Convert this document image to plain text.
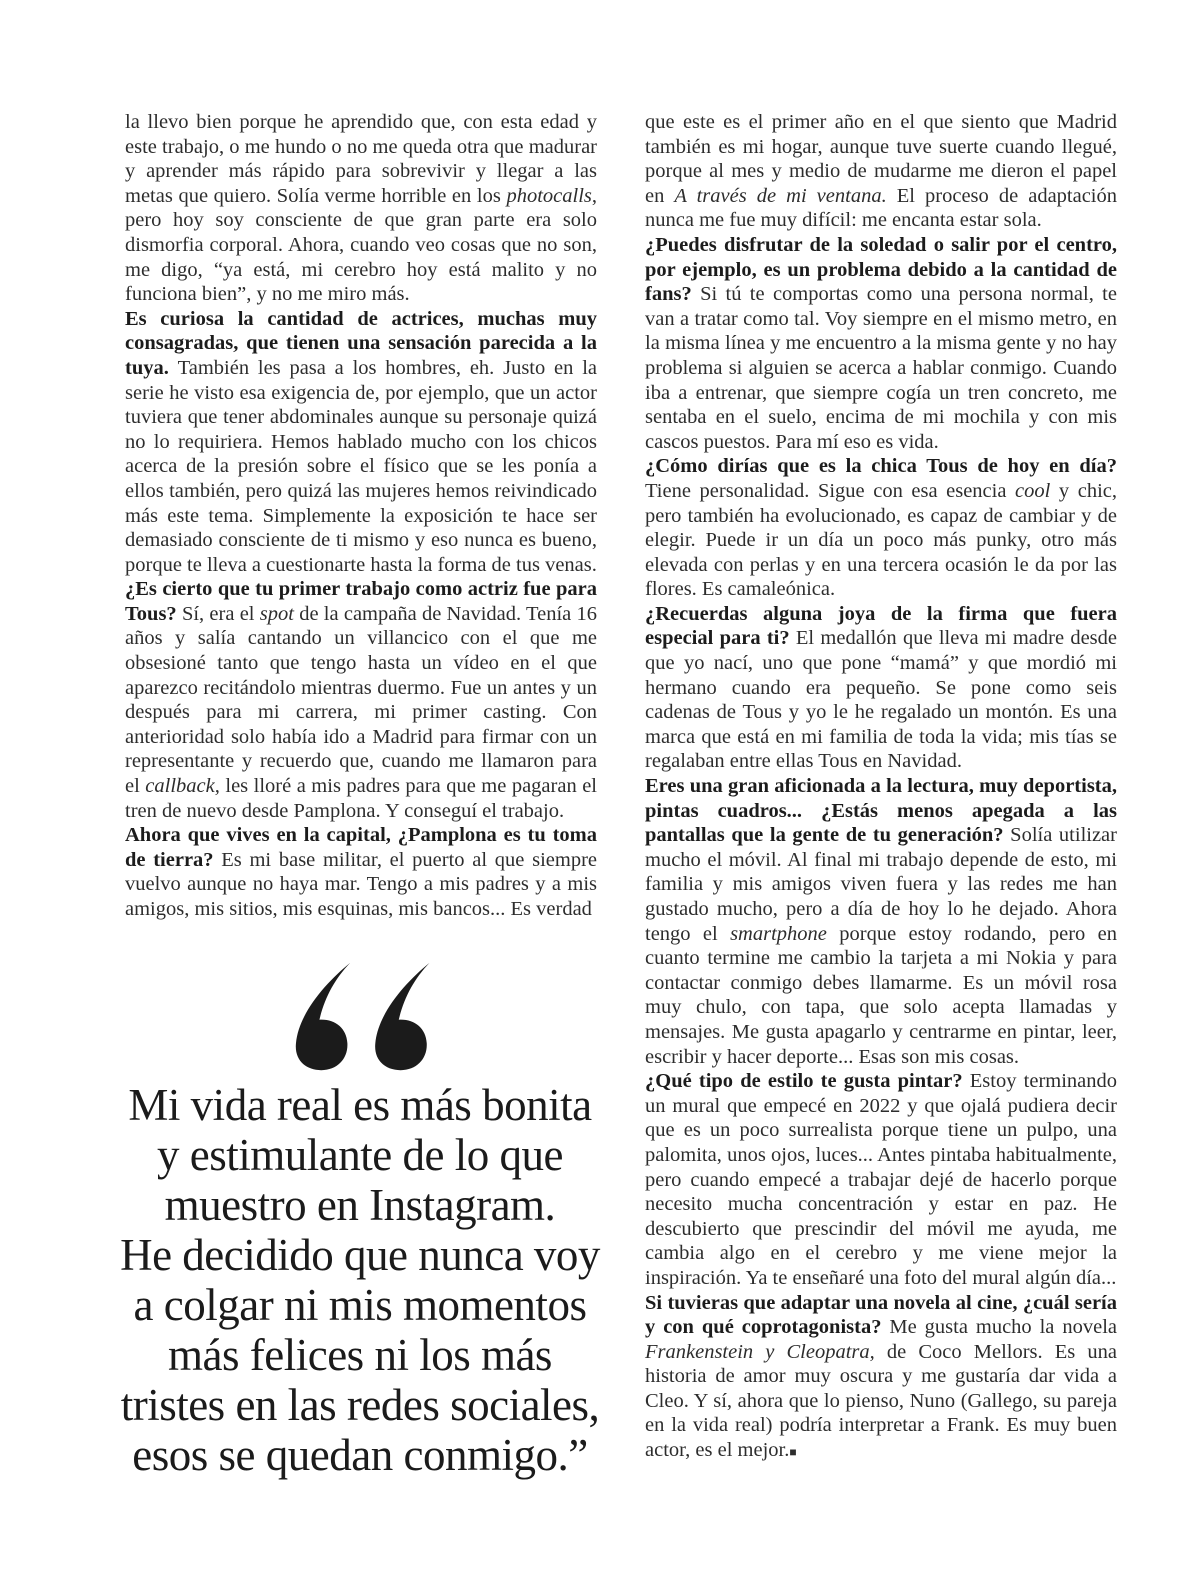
la llevo bien porque he aprendido que, con esta edad y este trabajo, o me hundo o no me queda otra que madurar y aprender más rápido para sobrevivir y llegar a las metas que quiero. Solía verme horrible en los photocalls, pero hoy soy consciente de que gran parte era solo dismorfia corporal. Ahora, cuando veo cosas que no son, me digo, “ya está, mi cerebro hoy está malito y no funciona bien”, y no me miro más.

Es curiosa la cantidad de actrices, muchas muy consagradas, que tienen una sensación parecida a la tuya. También les pasa a los hombres, eh. Justo en la serie he visto esa exigencia de, por ejemplo, que un actor tuviera que tener abdominales aunque su personaje quizá no lo requiriera. Hemos hablado mucho con los chicos acerca de la presión sobre el físico que se les ponía a ellos también, pero quizá las mujeres hemos reivindicado más este tema. Simplemente la exposición te hace ser demasiado consciente de ti mismo y eso nunca es bueno, porque te lleva a cuestionarte hasta la forma de tus venas.

¿Es cierto que tu primer trabajo como actriz fue para Tous? Sí, era el spot de la campaña de Navidad. Tenía 16 años y salía cantando un villancico con el que me obsesioné tanto que tengo hasta un vídeo en el que aparezco recitándolo mientras duermo. Fue un antes y un después para mi carrera, mi primer casting. Con anterioridad solo había ido a Madrid para firmar con un representante y recuerdo que, cuando me llamaron para el callback, les lloré a mis padres para que me pagaran el tren de nuevo desde Pamplona. Y conseguí el trabajo.

Ahora que vives en la capital, ¿Pamplona es tu toma de tierra? Es mi base militar, el puerto al que siempre vuelvo aunque no haya mar. Tengo a mis padres y a mis amigos, mis sitios, mis esquinas, mis bancos... Es verdad

que este es el primer año en el que siento que Madrid también es mi hogar, aunque tuve suerte cuando llegué, porque al mes y medio de mudarme me dieron el papel en A través de mi ventana. El proceso de adaptación nunca me fue muy difícil: me encanta estar sola.

¿Puedes disfrutar de la soledad o salir por el centro, por ejemplo, es un problema debido a la cantidad de fans? Si tú te comportas como una persona normal, te van a tratar como tal. Voy siempre en el mismo metro, en la misma línea y me encuentro a la misma gente y no hay problema si alguien se acerca a hablar conmigo. Cuando iba a entrenar, que siempre cogía un tren concreto, me sentaba en el suelo, encima de mi mochila y con mis cascos puestos. Para mí eso es vida.

¿Cómo dirías que es la chica Tous de hoy en día? Tiene personalidad. Sigue con esa esencia cool y chic, pero también ha evolucionado, es capaz de cambiar y de elegir. Puede ir un día un poco más punky, otro más elevada con perlas y en una tercera ocasión le da por las flores. Es camaleónica.

¿Recuerdas alguna joya de la firma que fuera especial para ti? El medallón que lleva mi madre desde que yo nací, uno que pone “mamá” y que mordió mi hermano cuando era pequeño. Se pone como seis cadenas de Tous y yo le he regalado un montón. Es una marca que está en mi familia de toda la vida; mis tías se regalaban entre ellas Tous en Navidad.

Eres una gran aficionada a la lectura, muy deportista, pintas cuadros... ¿Estás menos apegada a las pantallas que la gente de tu generación? Solía utilizar mucho el móvil. Al final mi trabajo depende de esto, mi familia y mis amigos viven fuera y las redes me han gustado mucho, pero a día de hoy lo he dejado. Ahora tengo el smartphone porque estoy rodando, pero en cuanto termine me cambio la tarjeta a mi Nokia y para contactar conmigo debes llamarme. Es un móvil rosa muy chulo, con tapa, que solo acepta llamadas y mensajes. Me gusta apagarlo y centrarme en pintar, leer, escribir y hacer deporte... Esas son mis cosas.

¿Qué tipo de estilo te gusta pintar? Estoy terminando un mural que empecé en 2022 y que ojalá pudiera decir que es un poco surrealista porque tiene un pulpo, una palomita, unos ojos, luces... Antes pintaba habitualmente, pero cuando empecé a trabajar dejé de hacerlo porque necesito mucha concentración y estar en paz. He descubierto que prescindir del móvil me ayuda, me cambia algo en el cerebro y me viene mejor la inspiración. Ya te enseñaré una foto del mural algún día...

Si tuvieras que adaptar una novela al cine, ¿cuál sería y con qué coprotagonista? Me gusta mucho la novela Frankenstein y Cleopatra, de Coco Mellors. Es una historia de amor muy oscura y me gustaría dar vida a Cleo. Y sí, ahora que lo pienso, Nuno (Gallego, su pareja en la vida real) podría interpretar a Frank. Es muy buen actor, es el mejor.■

Mi vida real es más bonita
y estimulante de lo que
muestro en Instagram.
He decidido que nunca voy
a colgar ni mis momentos
más felices ni los más
tristes en las redes sociales,
esos se quedan conmigo.”
